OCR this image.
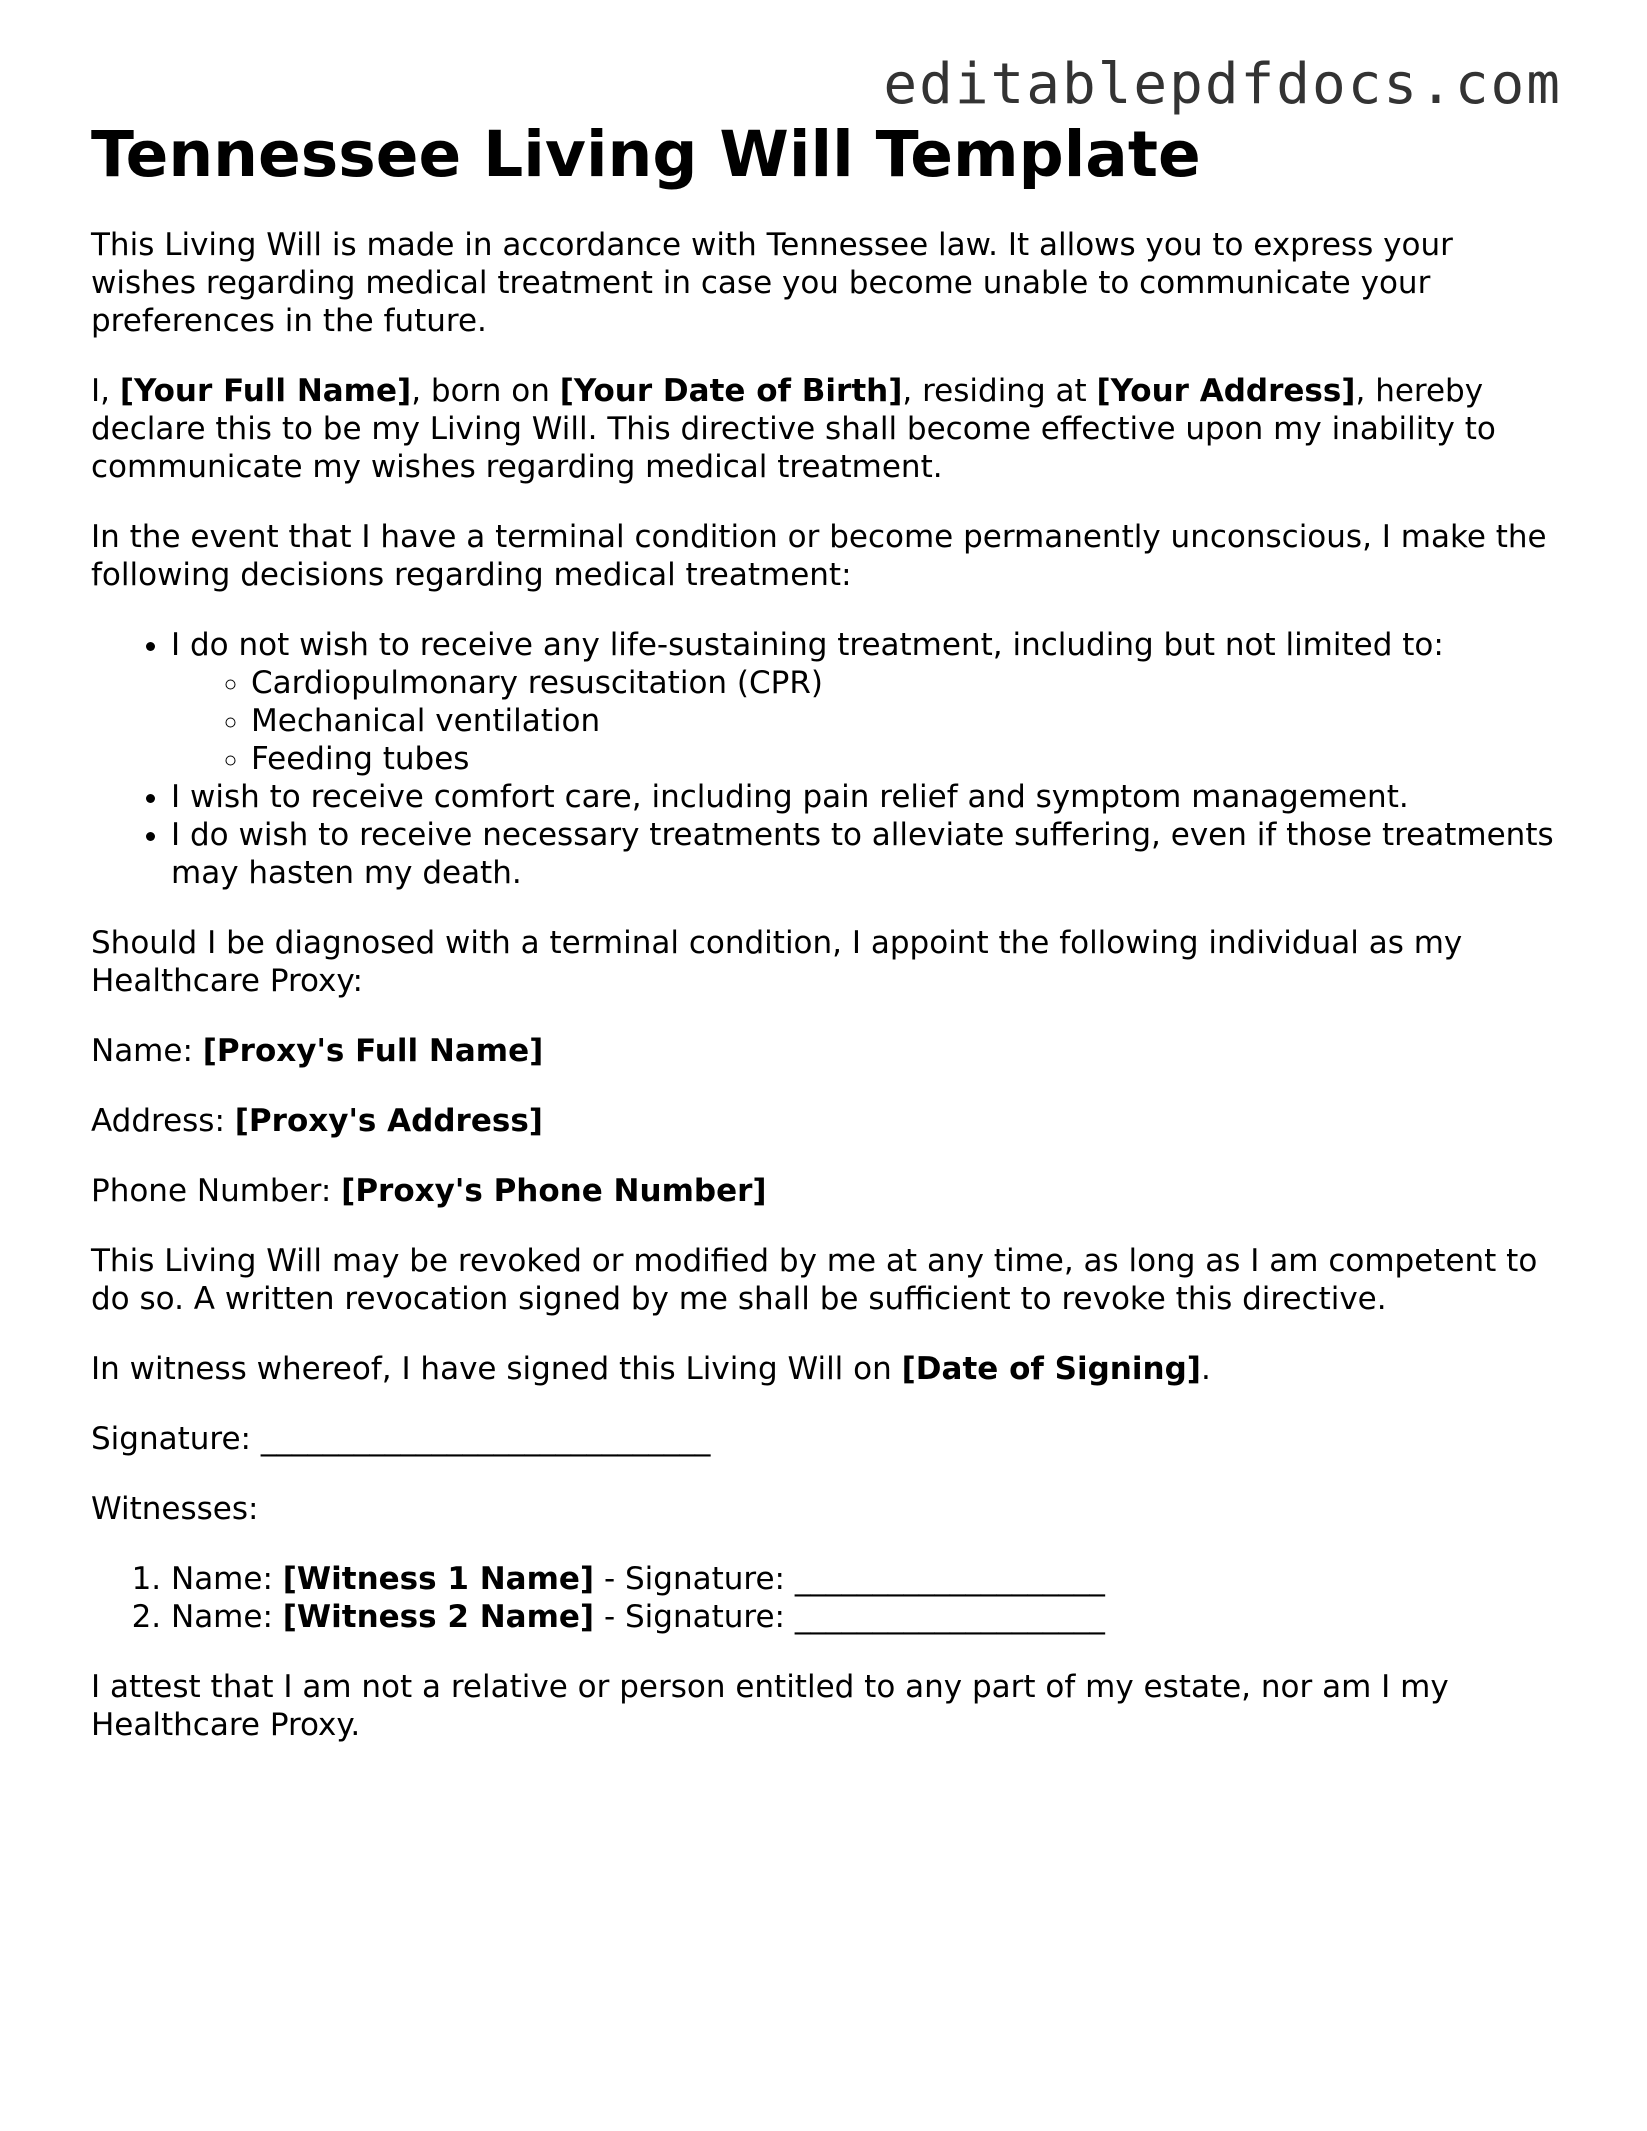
editablepdfdocs.com
Tennessee Living Will Template

This Living Will is made in accordance with Tennessee law. It allows you to express your wishes regarding medical treatment in case you become unable to communicate your preferences in the future.

I, [Your Full Name], born on [Your Date of Birth], residing at [Your Address], hereby declare this to be my Living Will. This directive shall become effective upon my inability to communicate my wishes regarding medical treatment.

In the event that I have a terminal condition or become permanently unconscious, I make the following decisions regarding medical treatment:

• I do not wish to receive any life-sustaining treatment, including but not limited to:
◦ Cardiopulmonary resuscitation (CPR)
◦ Mechanical ventilation
◦ Feeding tubes
• I wish to receive comfort care, including pain relief and symptom management.
• I do wish to receive necessary treatments to alleviate suffering, even if those treatments may hasten my death.

Should I be diagnosed with a terminal condition, I appoint the following individual as my Healthcare Proxy:

Name: [Proxy's Full Name]

Address: [Proxy's Address]

Phone Number: [Proxy's Phone Number]

This Living Will may be revoked or modified by me at any time, as long as I am competent to do so. A written revocation signed by me shall be sufficient to revoke this directive.

In witness whereof, I have signed this Living Will on [Date of Signing].

Signature: _____________________________

Witnesses:

1. Name: [Witness 1 Name] - Signature: ____________________
2. Name: [Witness 2 Name] - Signature: ____________________

I attest that I am not a relative or person entitled to any part of my estate, nor am I my Healthcare Proxy.
